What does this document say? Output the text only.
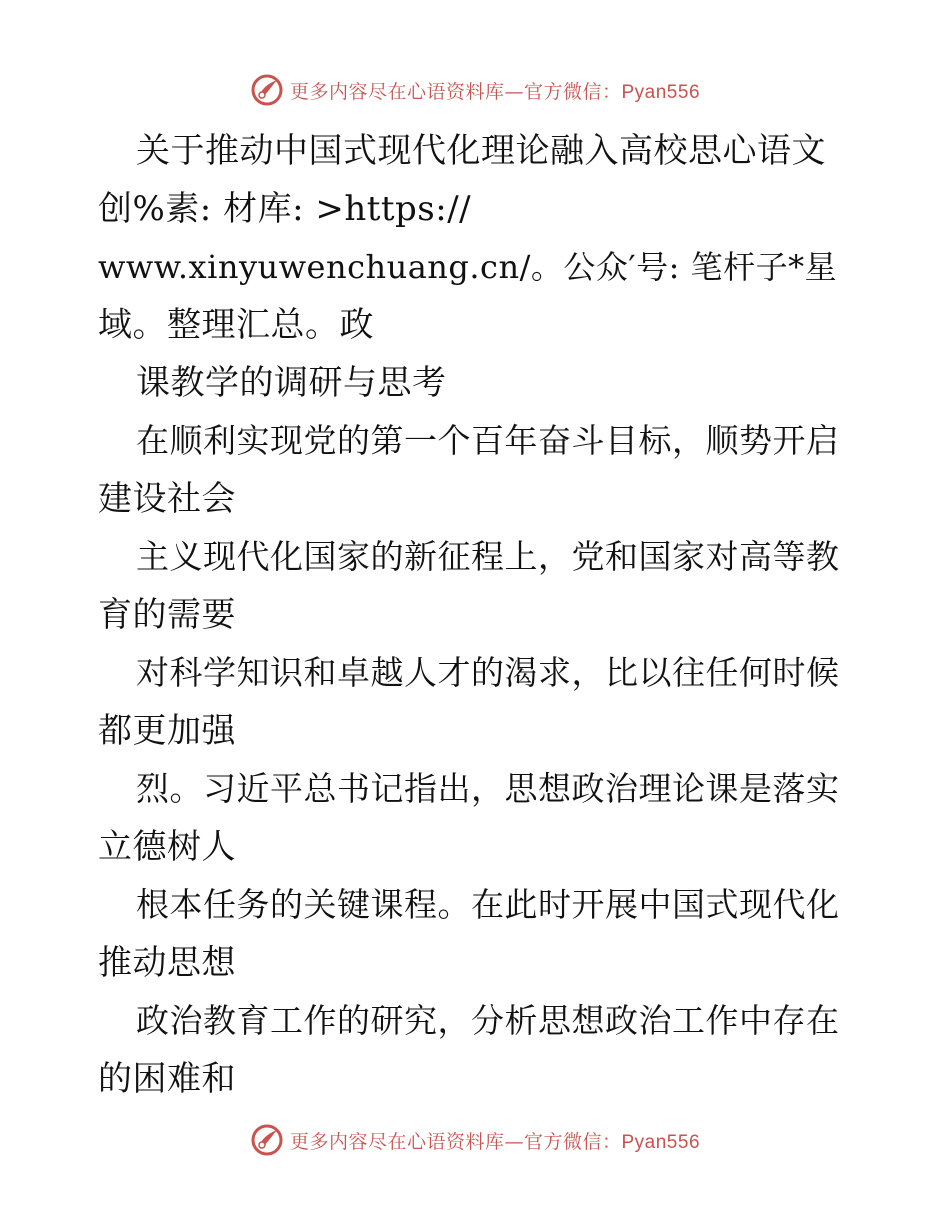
更多内容尽在心语资料库—官方微信：Pyan556
关于推动中国式现代化理论融入高校思心语文
创%素: 材库: >https://
www.xinyuwenchuang.cn/。公众′号: 笔杆子*星
域。整理汇总。政
课教学的调研与思考
在顺利实现党的第一个百年奋斗目标，顺势开启
建设社会
主义现代化国家的新征程上，党和国家对高等教
育的需要
对科学知识和卓越人才的渴求，比以往任何时候
都更加强
烈。习近平总书记指出，思想政治理论课是落实
立德树人
根本任务的关键课程。在此时开展中国式现代化
推动思想
政治教育工作的研究，分析思想政治工作中存在
的困难和
更多内容尽在心语资料库—官方微信：Pyan556
